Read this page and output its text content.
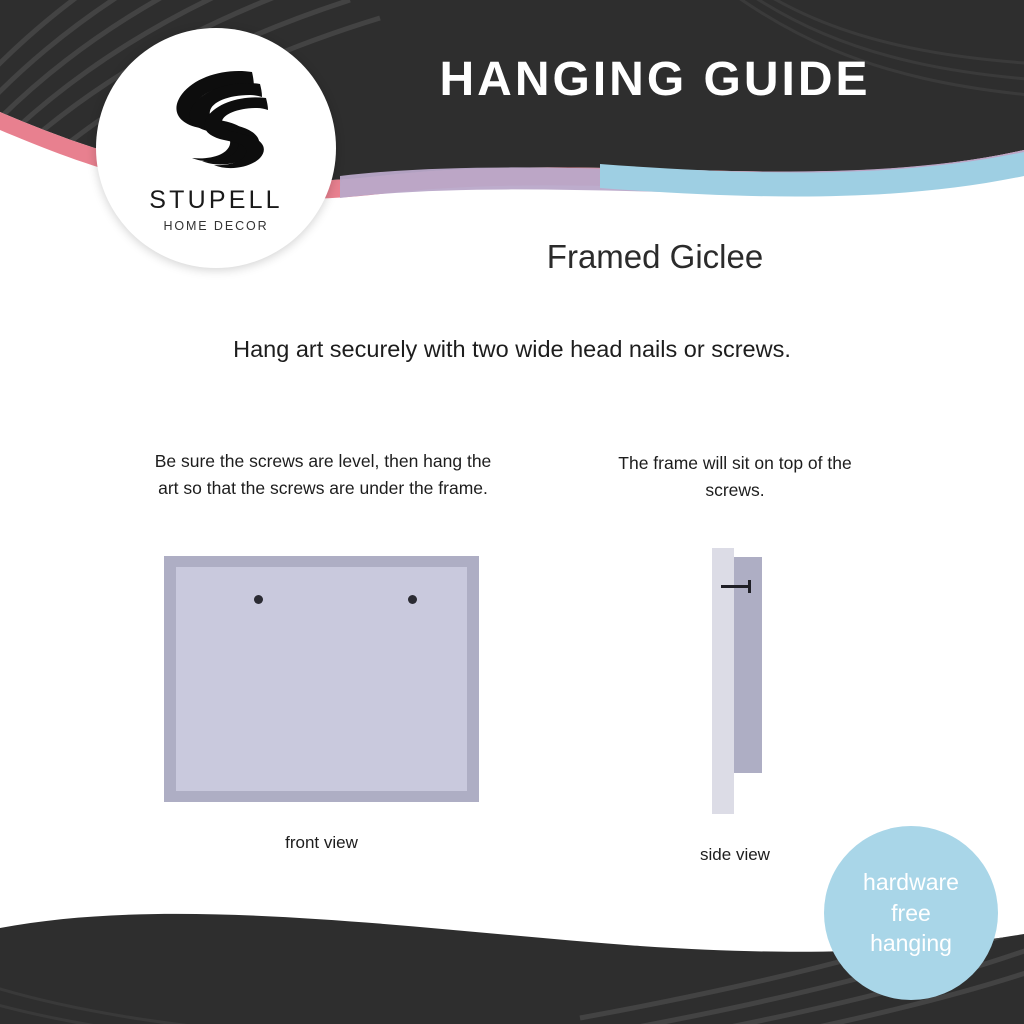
HANGING GUIDE
STUPELL
HOME DECOR
Framed Giclee
Hang art securely with two wide head nails or screws.
Be sure the screws are level, then hang the art so that the screws are under the frame.
The frame will sit on top of the screws.
front view
side view
hardware
free
hanging
